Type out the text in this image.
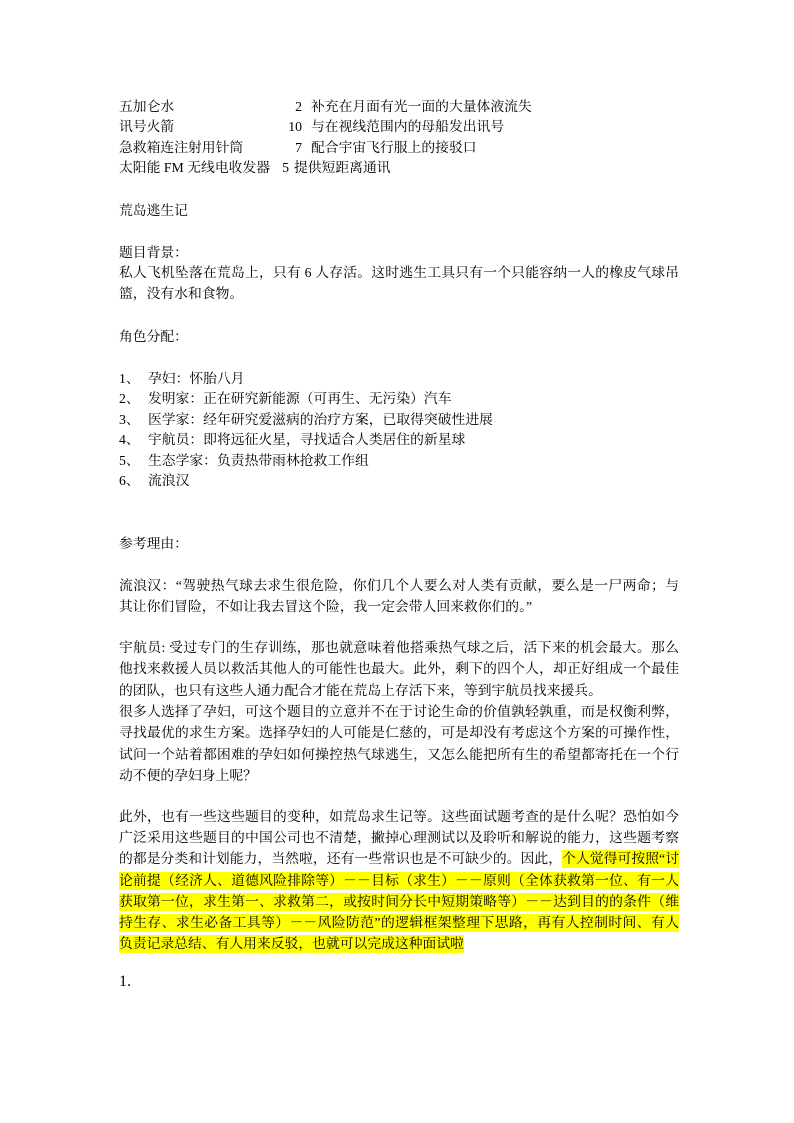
五加仑水	2 补充在月面有光一面的大量体液流失
讯号火箭	10 与在视线范围内的母船发出讯号
急救箱连注射用针筒	7 配合宇宙飞行服上的接驳口
太阳能 FM 无线电收发器 5 提供短距离通讯
荒岛逃生记
题目背景：
私人飞机坠落在荒岛上，只有 6 人存活。这时逃生工具只有一个只能容纳一人的橡皮气球吊
篮，没有水和食物。
角色分配：
1、 孕妇：怀胎八月
2、 发明家：正在研究新能源（可再生、无污染）汽车
3、 医学家：经年研究爱滋病的治疗方案，已取得突破性进展
4、 宇航员：即将远征火星，寻找适合人类居住的新星球
5、 生态学家：负责热带雨林抢救工作组
6、 流浪汉
参考理由：
流浪汉：“驾驶热气球去求生很危险，你们几个人要么对人类有贡献，要么是一尸两命；与
其让你们冒险，不如让我去冒这个险，我一定会带人回来救你们的。”
宇航员: 受过专门的生存训练，那也就意味着他搭乘热气球之后，活下来的机会最大。那么
他找来救援人员以救活其他人的可能性也最大。此外，剩下的四个人，却正好组成一个最佳
的团队，也只有这些人通力配合才能在荒岛上存活下来，等到宇航员找来援兵。
很多人选择了孕妇，可这个题目的立意并不在于讨论生命的价值孰轻孰重，而是权衡利弊，
寻找最优的求生方案。选择孕妇的人可能是仁慈的，可是却没有考虑这个方案的可操作性，
试问一个站着都困难的孕妇如何操控热气球逃生，又怎么能把所有生的希望都寄托在一个行
动不便的孕妇身上呢？
此外，也有一些这些题目的变种，如荒岛求生记等。这些面试题考查的是什么呢？恐怕如今
广泛采用这些题目的中国公司也不清楚，撇掉心理测试以及聆听和解说的能力，这些题考察
的都是分类和计划能力，当然啦，还有一些常识也是不可缺少的。因此，个人觉得可按照“讨
论前提（经济人、道德风险排除等）－－目标（求生）－－原则（全体获救第一位、有一人
获取第一位，求生第一、求救第二，或按时间分长中短期策略等）－－达到目的的条件（维
持生存、求生必备工具等）－－风险防范”的逻辑框架整理下思路，再有人控制时间、有人
负责记录总结、有人用来反驳，也就可以完成这种面试啦
1.
